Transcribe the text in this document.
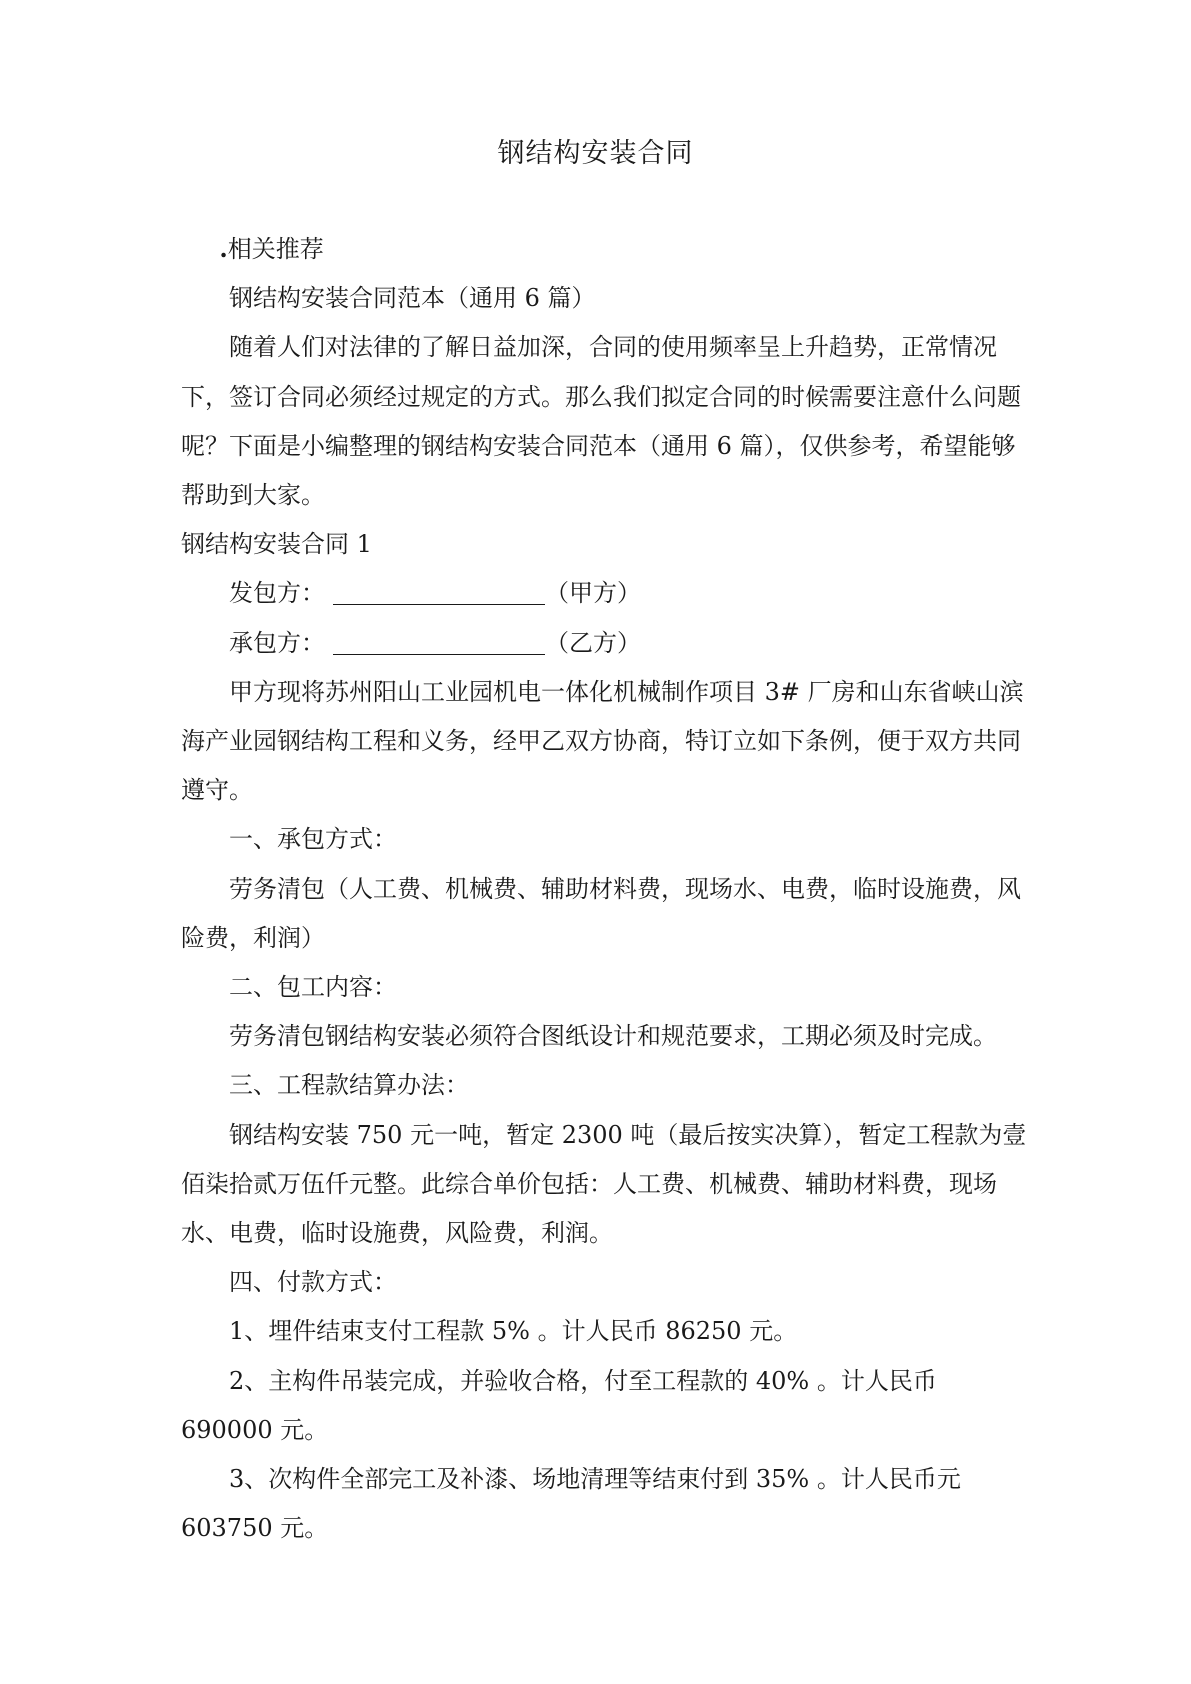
钢结构安装合同

.相关推荐

钢结构安装合同范本（通用 6 篇）

随着人们对法律的了解日益加深，合同的使用频率呈上升趋势，正常情况下，签订合同必须经过规定的方式。那么我们拟定合同的时候需要注意什么问题呢？下面是小编整理的钢结构安装合同范本（通用 6 篇），仅供参考，希望能够帮助到大家。

钢结构安装合同 1

发包方：	（甲方）

承包方：	（乙方）

甲方现将苏州阳山工业园机电一体化机械制作项目 3# 厂房和山东省峡山滨海产业园钢结构工程和义务，经甲乙双方协商，特订立如下条例，便于双方共同遵守。

一、承包方式：

劳务清包（人工费、机械费、辅助材料费，现场水、电费，临时设施费，风险费，利润）

二、包工内容：

劳务清包钢结构安装必须符合图纸设计和规范要求，工期必须及时完成。

三、工程款结算办法：

钢结构安装 750 元一吨，暂定 2300 吨（最后按实决算），暂定工程款为壹佰柒拾贰万伍仟元整。此综合单价包括：人工费、机械费、辅助材料费，现场水、电费，临时设施费，风险费，利润。

四、付款方式：

1、埋件结束支付工程款 5% 。计人民币 86250 元。

2、主构件吊装完成，并验收合格，付至工程款的 40% 。计人民币 690000 元。

3、次构件全部完工及补漆、场地清理等结束付到 35% 。计人民币元 603750 元。
